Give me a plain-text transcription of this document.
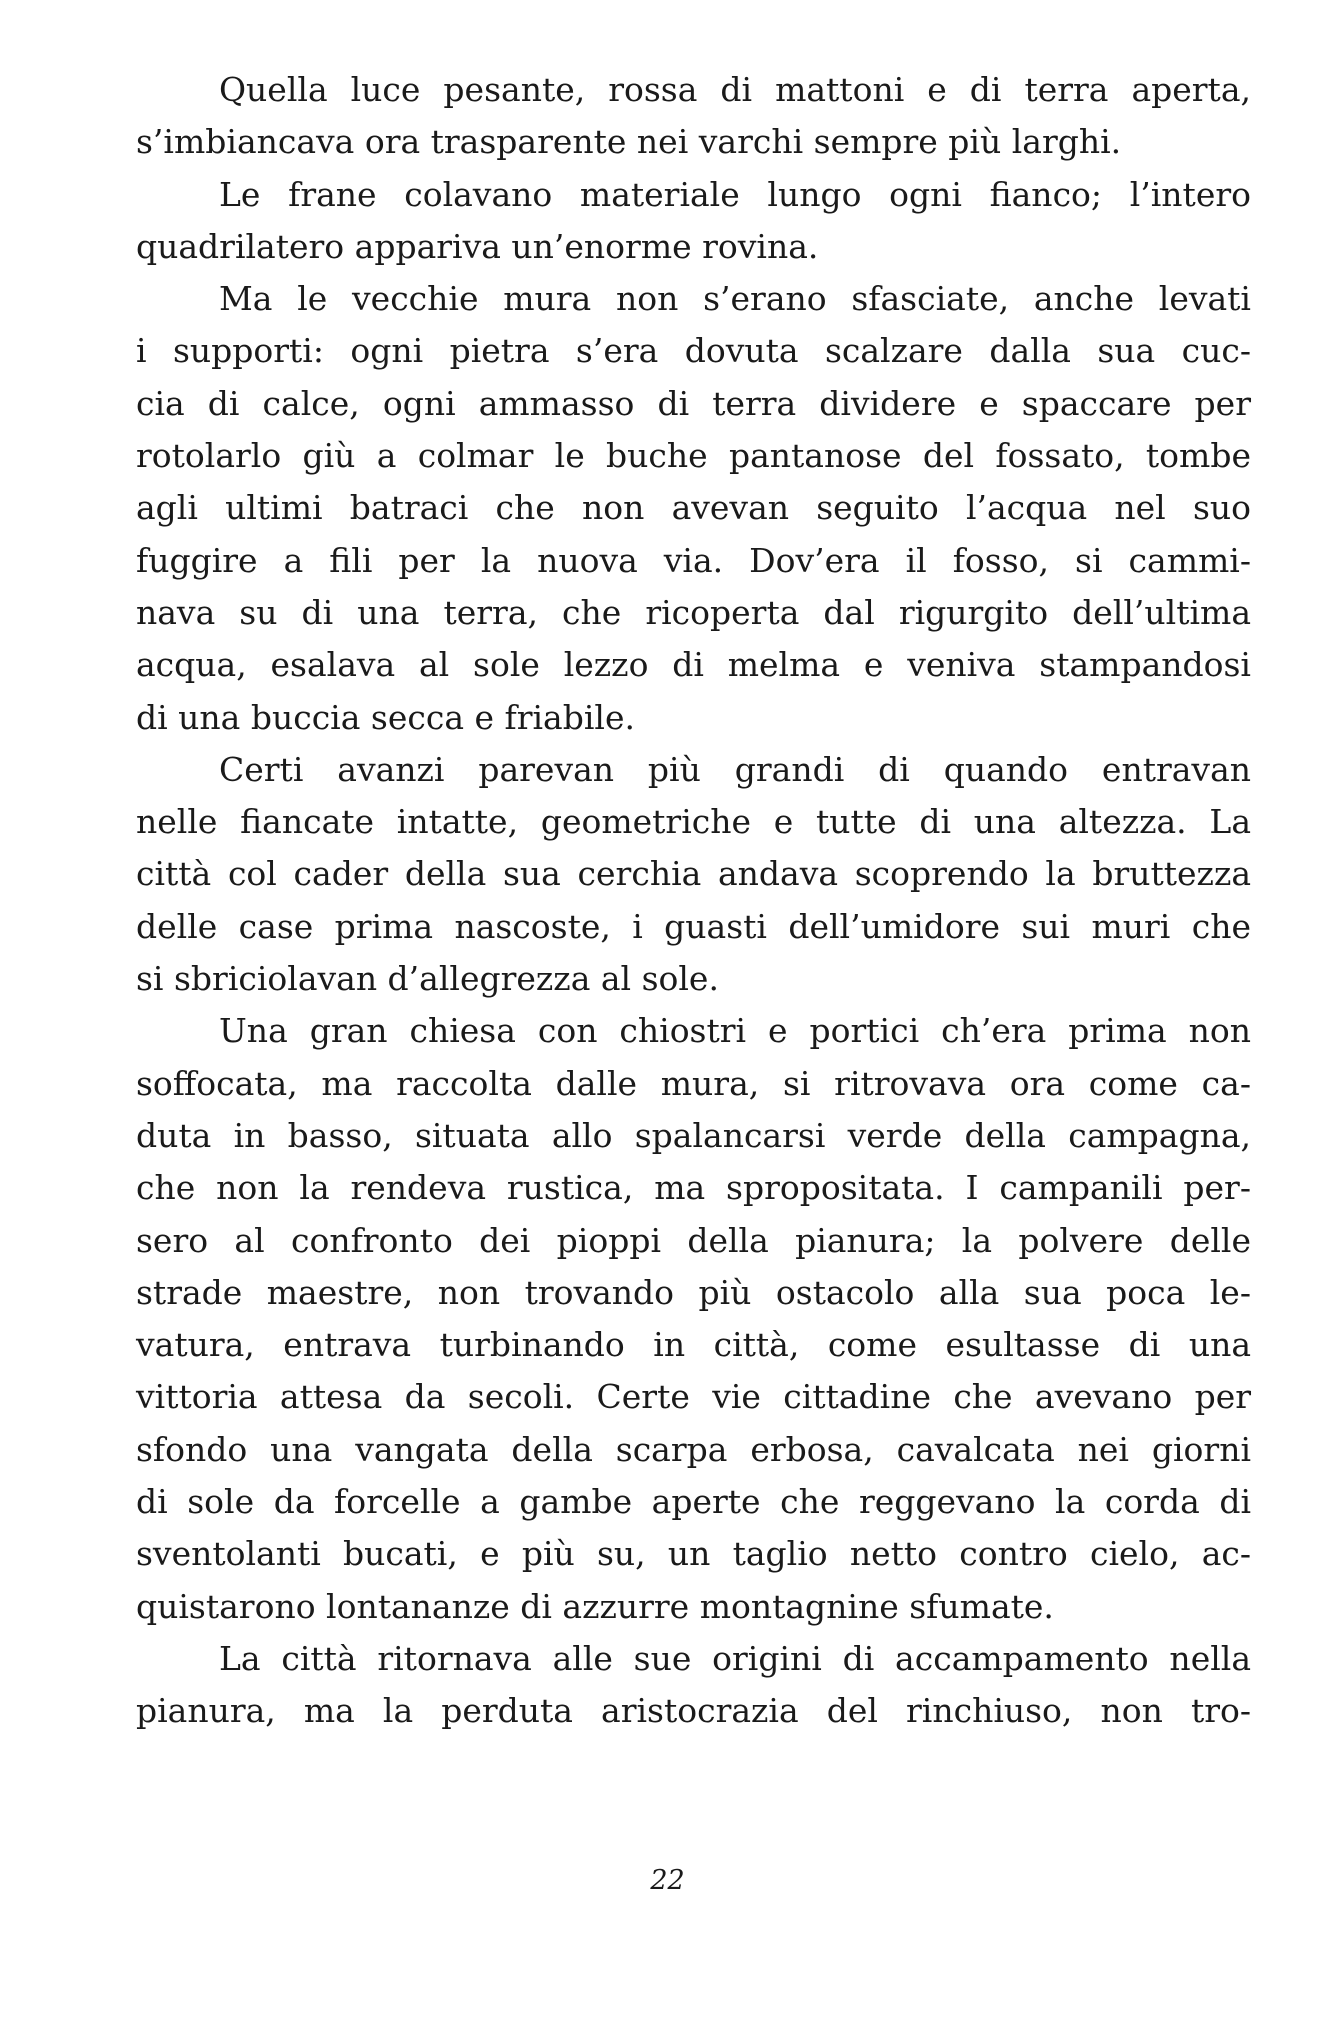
Quella luce pesante, rossa di mattoni e di terra aperta,
s’imbiancava ora trasparente nei varchi sempre più larghi.
Le frane colavano materiale lungo ogni fianco; l’intero
quadrilatero appariva un’enorme rovina.
Ma le vecchie mura non s’erano sfasciate, anche levati
i supporti: ogni pietra s’era dovuta scalzare dalla sua cuc-
cia di calce, ogni ammasso di terra dividere e spaccare per
rotolarlo giù a colmar le buche pantanose del fossato, tombe
agli ultimi batraci che non avevan seguito l’acqua nel suo
fuggire a fili per la nuova via. Dov’era il fosso, si cammi-
nava su di una terra, che ricoperta dal rigurgito dell’ultima
acqua, esalava al sole lezzo di melma e veniva stampandosi
di una buccia secca e friabile.
Certi avanzi parevan più grandi di quando entravan
nelle fiancate intatte, geometriche e tutte di una altezza. La
città col cader della sua cerchia andava scoprendo la bruttezza
delle case prima nascoste, i guasti dell’umidore sui muri che
si sbriciolavan d’allegrezza al sole.
Una gran chiesa con chiostri e portici ch’era prima non
soffocata, ma raccolta dalle mura, si ritrovava ora come ca-
duta in basso, situata allo spalancarsi verde della campagna,
che non la rendeva rustica, ma spropositata. I campanili per-
sero al confronto dei pioppi della pianura; la polvere delle
strade maestre, non trovando più ostacolo alla sua poca le-
vatura, entrava turbinando in città, come esultasse di una
vittoria attesa da secoli. Certe vie cittadine che avevano per
sfondo una vangata della scarpa erbosa, cavalcata nei giorni
di sole da forcelle a gambe aperte che reggevano la corda di
sventolanti bucati, e più su, un taglio netto contro cielo, ac-
quistarono lontananze di azzurre montagnine sfumate.
La città ritornava alle sue origini di accampamento nella
pianura, ma la perduta aristocrazia del rinchiuso, non tro-
22
